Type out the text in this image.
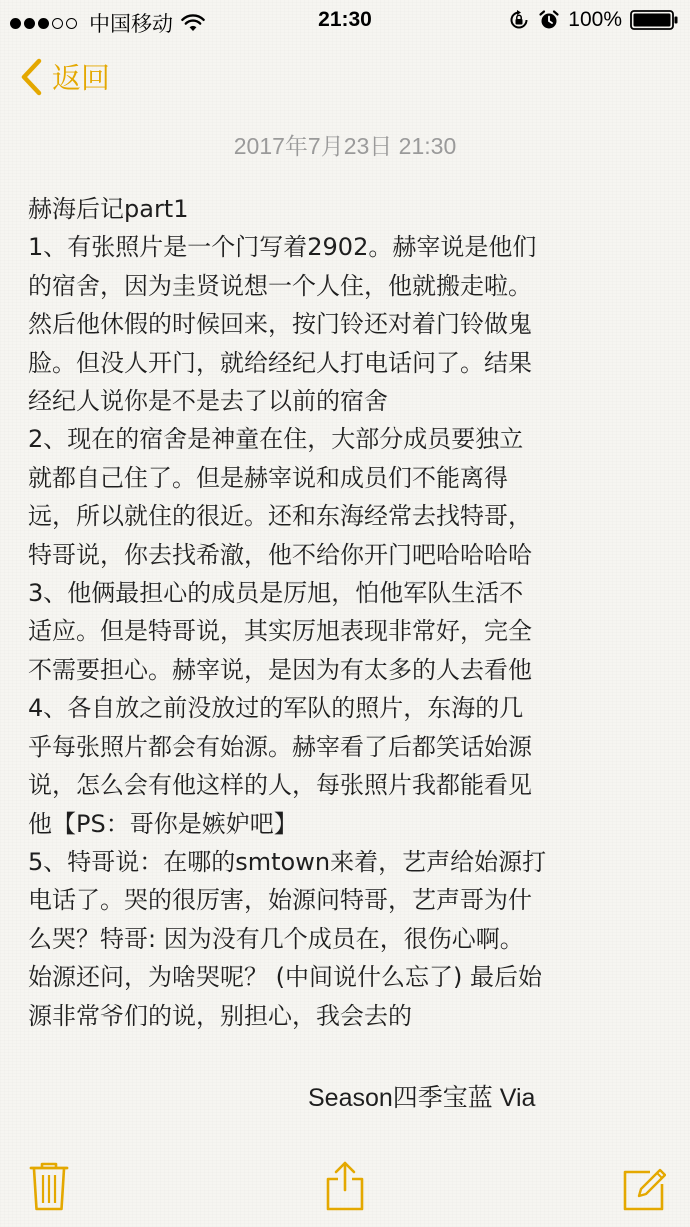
中国移动	21:30	100%
返回
2017年7月23日 21:30
赫海后记part1
1、有张照片是一个门写着2902。赫宰说是他们
的宿舍，因为圭贤说想一个人住，他就搬走啦。
然后他休假的时候回来，按门铃还对着门铃做鬼
脸。但没人开门，就给经纪人打电话问了。结果
经纪人说你是不是去了以前的宿舍
2、现在的宿舍是神童在住，大部分成员要独立
就都自己住了。但是赫宰说和成员们不能离得
远，所以就住的很近。还和东海经常去找特哥，
特哥说，你去找希澈，他不给你开门吧哈哈哈哈
3、他俩最担心的成员是厉旭，怕他军队生活不
适应。但是特哥说，其实厉旭表现非常好，完全
不需要担心。赫宰说，是因为有太多的人去看他
4、各自放之前没放过的军队的照片，东海的几
乎每张照片都会有始源。赫宰看了后都笑话始源
说，怎么会有他这样的人，每张照片我都能看见
他【PS：哥你是嫉妒吧】
5、特哥说：在哪的smtown来着，艺声给始源打
电话了。哭的很厉害，始源问特哥，艺声哥为什
么哭？特哥: 因为没有几个成员在，很伤心啊。
始源还问，为啥哭呢？ (中间说什么忘了) 最后始
源非常爷们的说，别担心，我会去的
Season四季宝蓝 Via
